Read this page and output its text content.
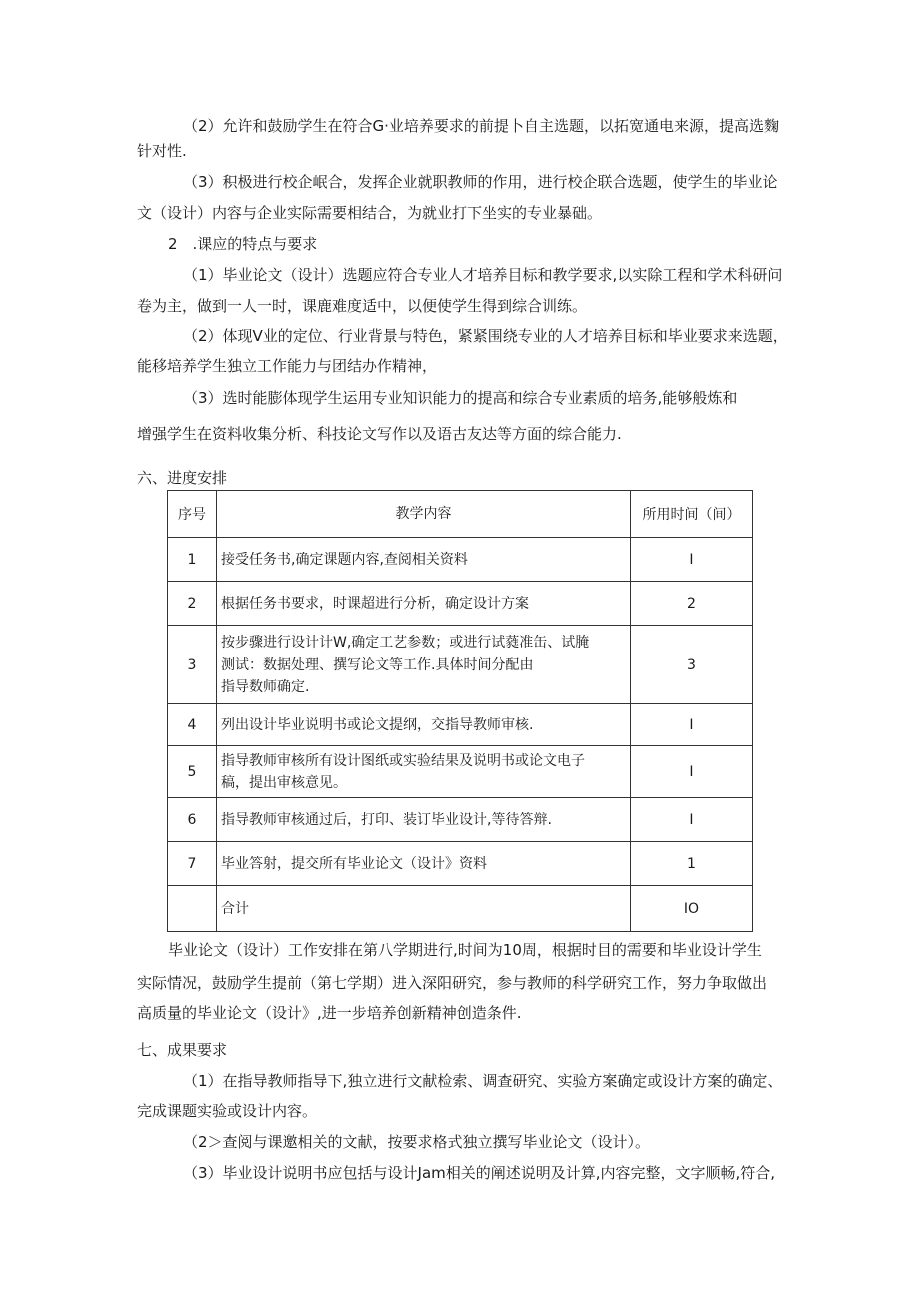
（2）允许和鼓励学生在符合G·业培养要求的前提卜自主选题，以拓宽通电来源，提高选麴
针对性.
（3）积极进行校企岷合，发挥企业就职教师的作用，进行校企联合选题，使学生的毕业论
文（设计）内容与企业实际需要相结合，为就业打下坐实的专业暴础。
2　.课应的特点与要求
（1）毕业论文（设计）选题应符合专业人才培养目标和教学要求,以实除工程和学术科研问
卷为主，做到一人一时，课鹿难度适中，以便使学生得到综合训练。
（2）体现V业的定位、行业背景与特色，紧紧围绕专业的人才培养目标和毕业要求来选题，
能移培养学生独立工作能力与团结办作精神，
（3）选时能膨体现学生运用专业知识能力的提高和综合专业素质的培务,能够般炼和
增强学生在资料收集分析、科技论文写作以及语古友达等方面的综合能力.
六、进度安排
序号	教学内容	所用时间（间）
1	接受任务书,确定课题内容,查阅相关资料	I
2	根据任务书要求，时课超进行分析，确定设计方案	2
3	按步骤进行设计计W,确定工艺参数；或进行试蕤准缶、试腌
测试：数据处理、撰写论文等工作.具体时间分配由
指导数师确定.	3
4	列出设计毕业说明书或论文提纲，交指导教师审核.	I
5	指导教师审核所有设计图纸或实验结果及说明书或论文电子
稿，提出审核意见。	I
6	指导教师审核通过后，打印、装订毕业设计,等待答辩.	I
7	毕业答射，提交所有毕业论文（设计》资料	1

	合计	IO
毕业论文（设计）工作安排在第八学期进行,时间为10周，根据时目的需要和毕业设计学生
实际情况，鼓励学生提前（第七学期）进入深阳研究，参与教师的科学研究工作，努力争取做出
高质量的毕业论文（设计》,进一步培养创新精神创造条件.
七、成果要求
（1）在指导教师指导下,独立进行文献检索、调查研究、实验方案确定或设计方案的确定、
完成课题实验或设计内容。
（2＞查阅与课邀相关的文献，按要求格式独立撰写毕业论文（设计）。
（3）毕业设计说明书应包括与设计Jam相关的阐述说明及计算,内容完整，文字顺畅,符合,
